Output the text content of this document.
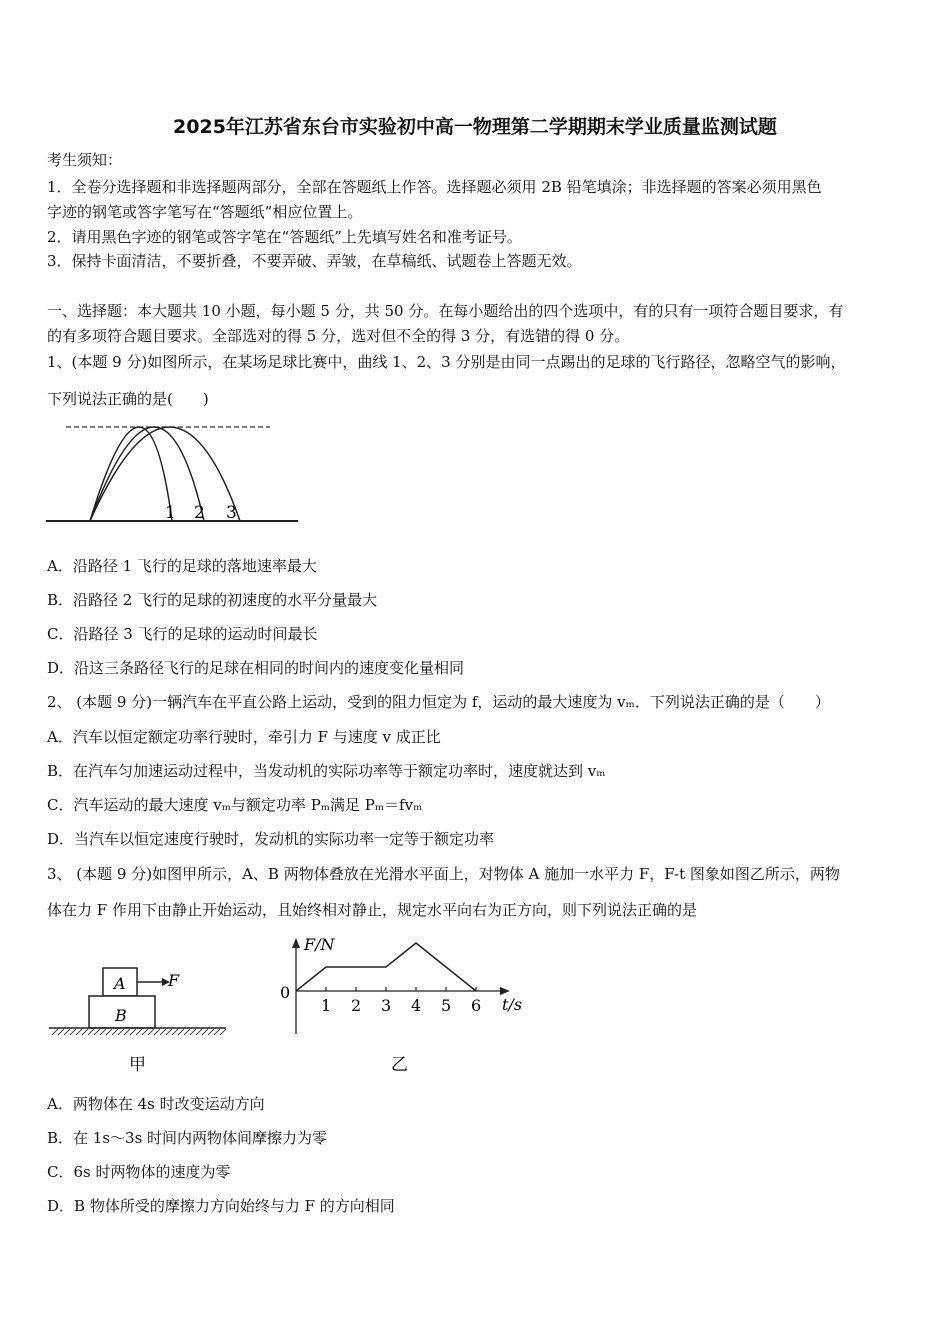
2025年江苏省东台市实验初中高一物理第二学期期末学业质量监测试题
考生须知：
1．全卷分选择题和非选择题两部分，全部在答题纸上作答。选择题必须用 2B 铅笔填涂；非选择题的答案必须用黑色
字迹的钢笔或答字笔写在“答题纸”相应位置上。
2．请用黑色字迹的钢笔或答字笔在“答题纸”上先填写姓名和准考证号。
3．保持卡面清洁，不要折叠，不要弄破、弄皱，在草稿纸、试题卷上答题无效。
一、选择题：本大题共 10 小题，每小题 5 分，共 50 分。在每小题给出的四个选项中，有的只有一项符合题目要求，有
的有多项符合题目要求。全部选对的得 5 分，选对但不全的得 3 分，有选错的得 0 分。
1、(本题 9 分)如图所示，在某场足球比赛中，曲线 1、2、3 分别是由同一点踢出的足球的飞行路径，忽略空气的影响，
下列说法正确的是(　　)
1 2 3
A．沿路径 1 飞行的足球的落地速率最大
B．沿路径 2 飞行的足球的初速度的水平分量最大
C．沿路径 3 飞行的足球的运动时间最长
D．沿这三条路径飞行的足球在相同的时间内的速度变化量相同
2、 (本题 9 分)一辆汽车在平直公路上运动，受到的阻力恒定为 f，运动的最大速度为 vₘ．下列说法正确的是（　　）
A．汽车以恒定额定功率行驶时，牵引力 F 与速度 v 成正比
B．在汽车匀加速运动过程中，当发动机的实际功率等于额定功率时，速度就达到 vₘ
C．汽车运动的最大速度 vₘ与额定功率 Pₘ满足 Pₘ＝fvₘ
D．当汽车以恒定速度行驶时，发动机的实际功率一定等于额定功率
3、 (本题 9 分)如图甲所示，A、B 两物体叠放在光滑水平面上，对物体 A 施加一水平力 F，F-t 图象如图乙所示，两物
体在力 F 作用下由静止开始运动，且始终相对静止，规定水平向右为正方向，则下列说法正确的是
A
B
F
甲
F/N
t/s
0
1 2 3 4 5 6
乙
A．两物体在 4s 时改变运动方向
B．在 1s～3s 时间内两物体间摩擦力为零
C．6s 时两物体的速度为零
D．B 物体所受的摩擦力方向始终与力 F 的方向相同
